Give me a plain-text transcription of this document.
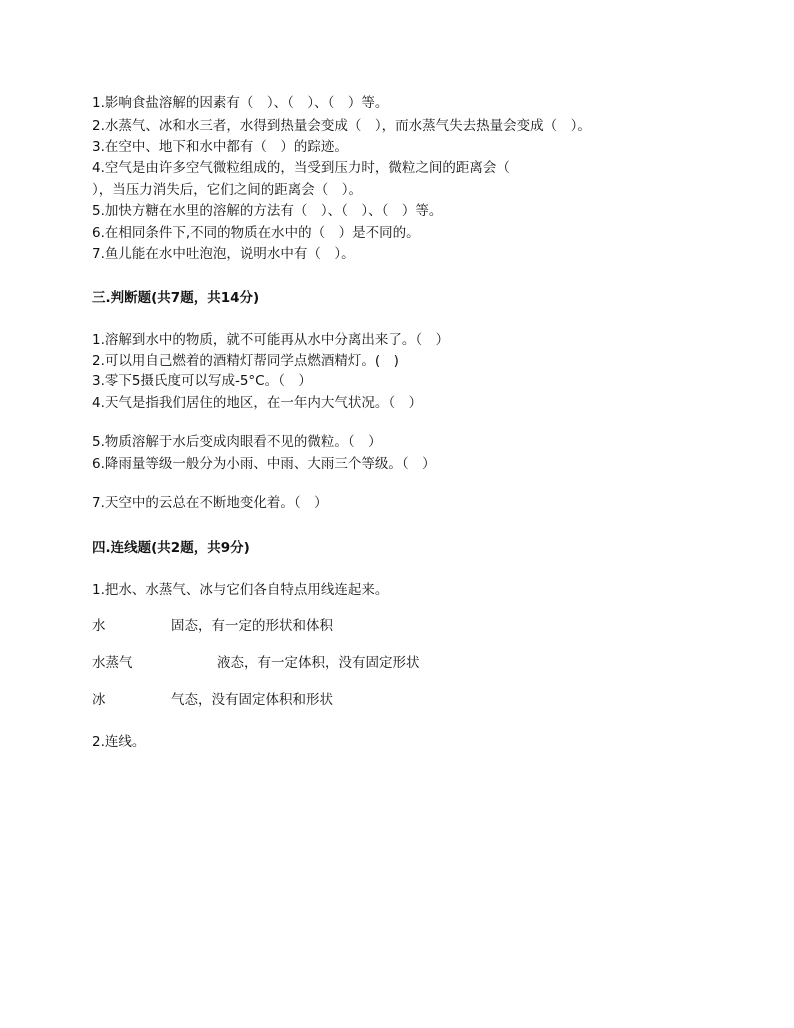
1.影响食盐溶解的因素有（　）、（　）、（　）等。
2.水蒸气、冰和水三者，水得到热量会变成（　），而水蒸气失去热量会变成（　）。
3.在空中、地下和水中都有（　）的踪迹。
4.空气是由许多空气微粒组成的，当受到压力时，微粒之间的距离会（
），当压力消失后，它们之间的距离会（　）。
5.加快方糖在水里的溶解的方法有（　）、（　）、（　）等。
6.在相同条件下,不同的物质在水中的（　）是不同的。
7.鱼儿能在水中吐泡泡，说明水中有（　）。
三.判断题(共7题，共14分)
1.溶解到水中的物质，就不可能再从水中分离出来了。（　）
2.可以用自己燃着的酒精灯帮同学点燃酒精灯。(　)
3.零下5摄氏度可以写成-5°C。（　）
4.天气是指我们居住的地区，在一年内大气状况。（　）
5.物质溶解于水后变成肉眼看不见的微粒。（　）
6.降雨量等级一般分为小雨、中雨、大雨三个等级。（　）
7.天空中的云总在不断地变化着。（　）
四.连线题(共2题，共9分)
1.把水、水蒸气、冰与它们各自特点用线连起来。
水	固态，有一定的形状和体积
水蒸气	液态，有一定体积，没有固定形状
冰	气态，没有固定体积和形状
2.连线。
